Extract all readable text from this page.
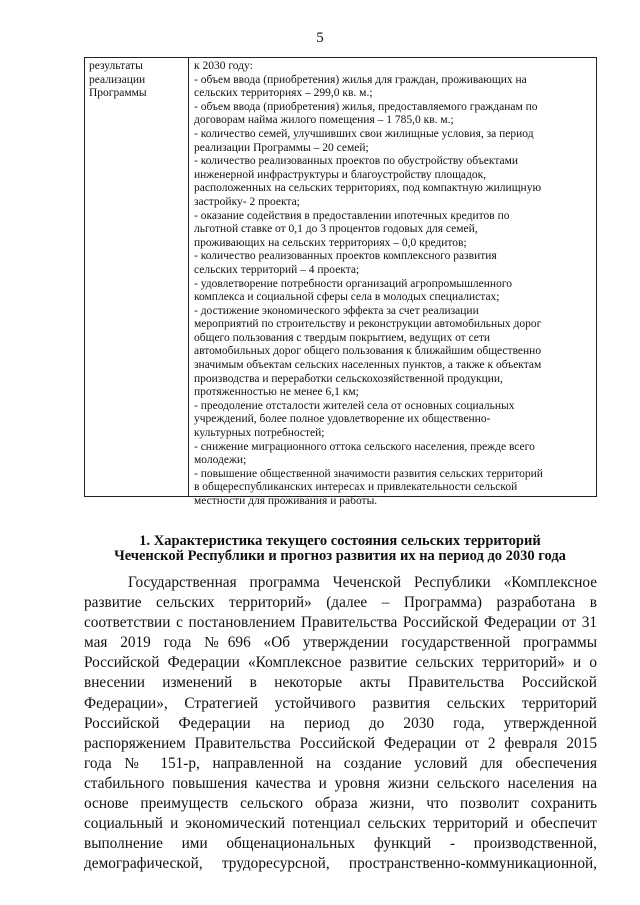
5
результаты
реализации
Программы
к 2030 году:
- объем ввода (приобретения) жилья для граждан, проживающих на
сельских территориях – 299,0 кв. м.;
- объем ввода (приобретения) жилья, предоставляемого гражданам по
договорам найма жилого помещения – 1 785,0 кв. м.;
- количество семей, улучшивших свои жилищные условия, за период
реализации Программы – 20 семей;
- количество реализованных проектов по обустройству объектами
инженерной инфраструктуры и благоустройству площадок,
расположенных на сельских территориях, под компактную жилищную
застройку- 2 проекта;
- оказание содействия в предоставлении ипотечных кредитов по
льготной ставке от 0,1 до 3 процентов годовых для семей,
проживающих на сельских территориях – 0,0 кредитов;
- количество реализованных проектов комплексного развития
сельских территорий – 4 проекта;
- удовлетворение потребности организаций агропромышленного
комплекса и социальной сферы села в молодых специалистах;
- достижение экономического эффекта за счет реализации
мероприятий по строительству и реконструкции автомобильных дорог
общего пользования с твердым покрытием, ведущих от сети
автомобильных дорог общего пользования к ближайшим общественно
значимым объектам сельских населенных пунктов, а также к объектам
производства и переработки сельскохозяйственной продукции,
протяженностью не менее 6,1 км;
- преодоление отсталости жителей села от основных социальных
учреждений, более полное удовлетворение их общественно-
культурных потребностей;
- снижение миграционного оттока сельского населения, прежде всего
молодежи;
- повышение общественной значимости развития сельских территорий
в общереспубликанских интересах и привлекательности сельской
местности для проживания и работы.
1. Характеристика текущего состояния сельских территорий
Чеченской Республики и прогноз развития их на период до 2030 года
Государственная программа Чеченской Республики «Комплексное
развитие сельских территорий» (далее – Программа) разработана в
соответствии с постановлением Правительства Российской Федерации от 31
мая 2019 года №696 «Об утверждении государственной программы
Российской Федерации «Комплексное развитие сельских территорий» и о
внесении изменений в некоторые акты Правительства Российской
Федерации», Стратегией устойчивого развития сельских территорий
Российской Федерации на период до 2030 года, утвержденной
распоряжением Правительства Российской Федерации от 2 февраля 2015
года № 151-р, направленной на создание условий для обеспечения
стабильного повышения качества и уровня жизни сельского населения на
основе преимуществ сельского образа жизни, что позволит сохранить
социальный и экономический потенциал сельских территорий и обеспечит
выполнение ими общенациональных функций - производственной,
демографической, трудоресурсной, пространственно-коммуникационной,
